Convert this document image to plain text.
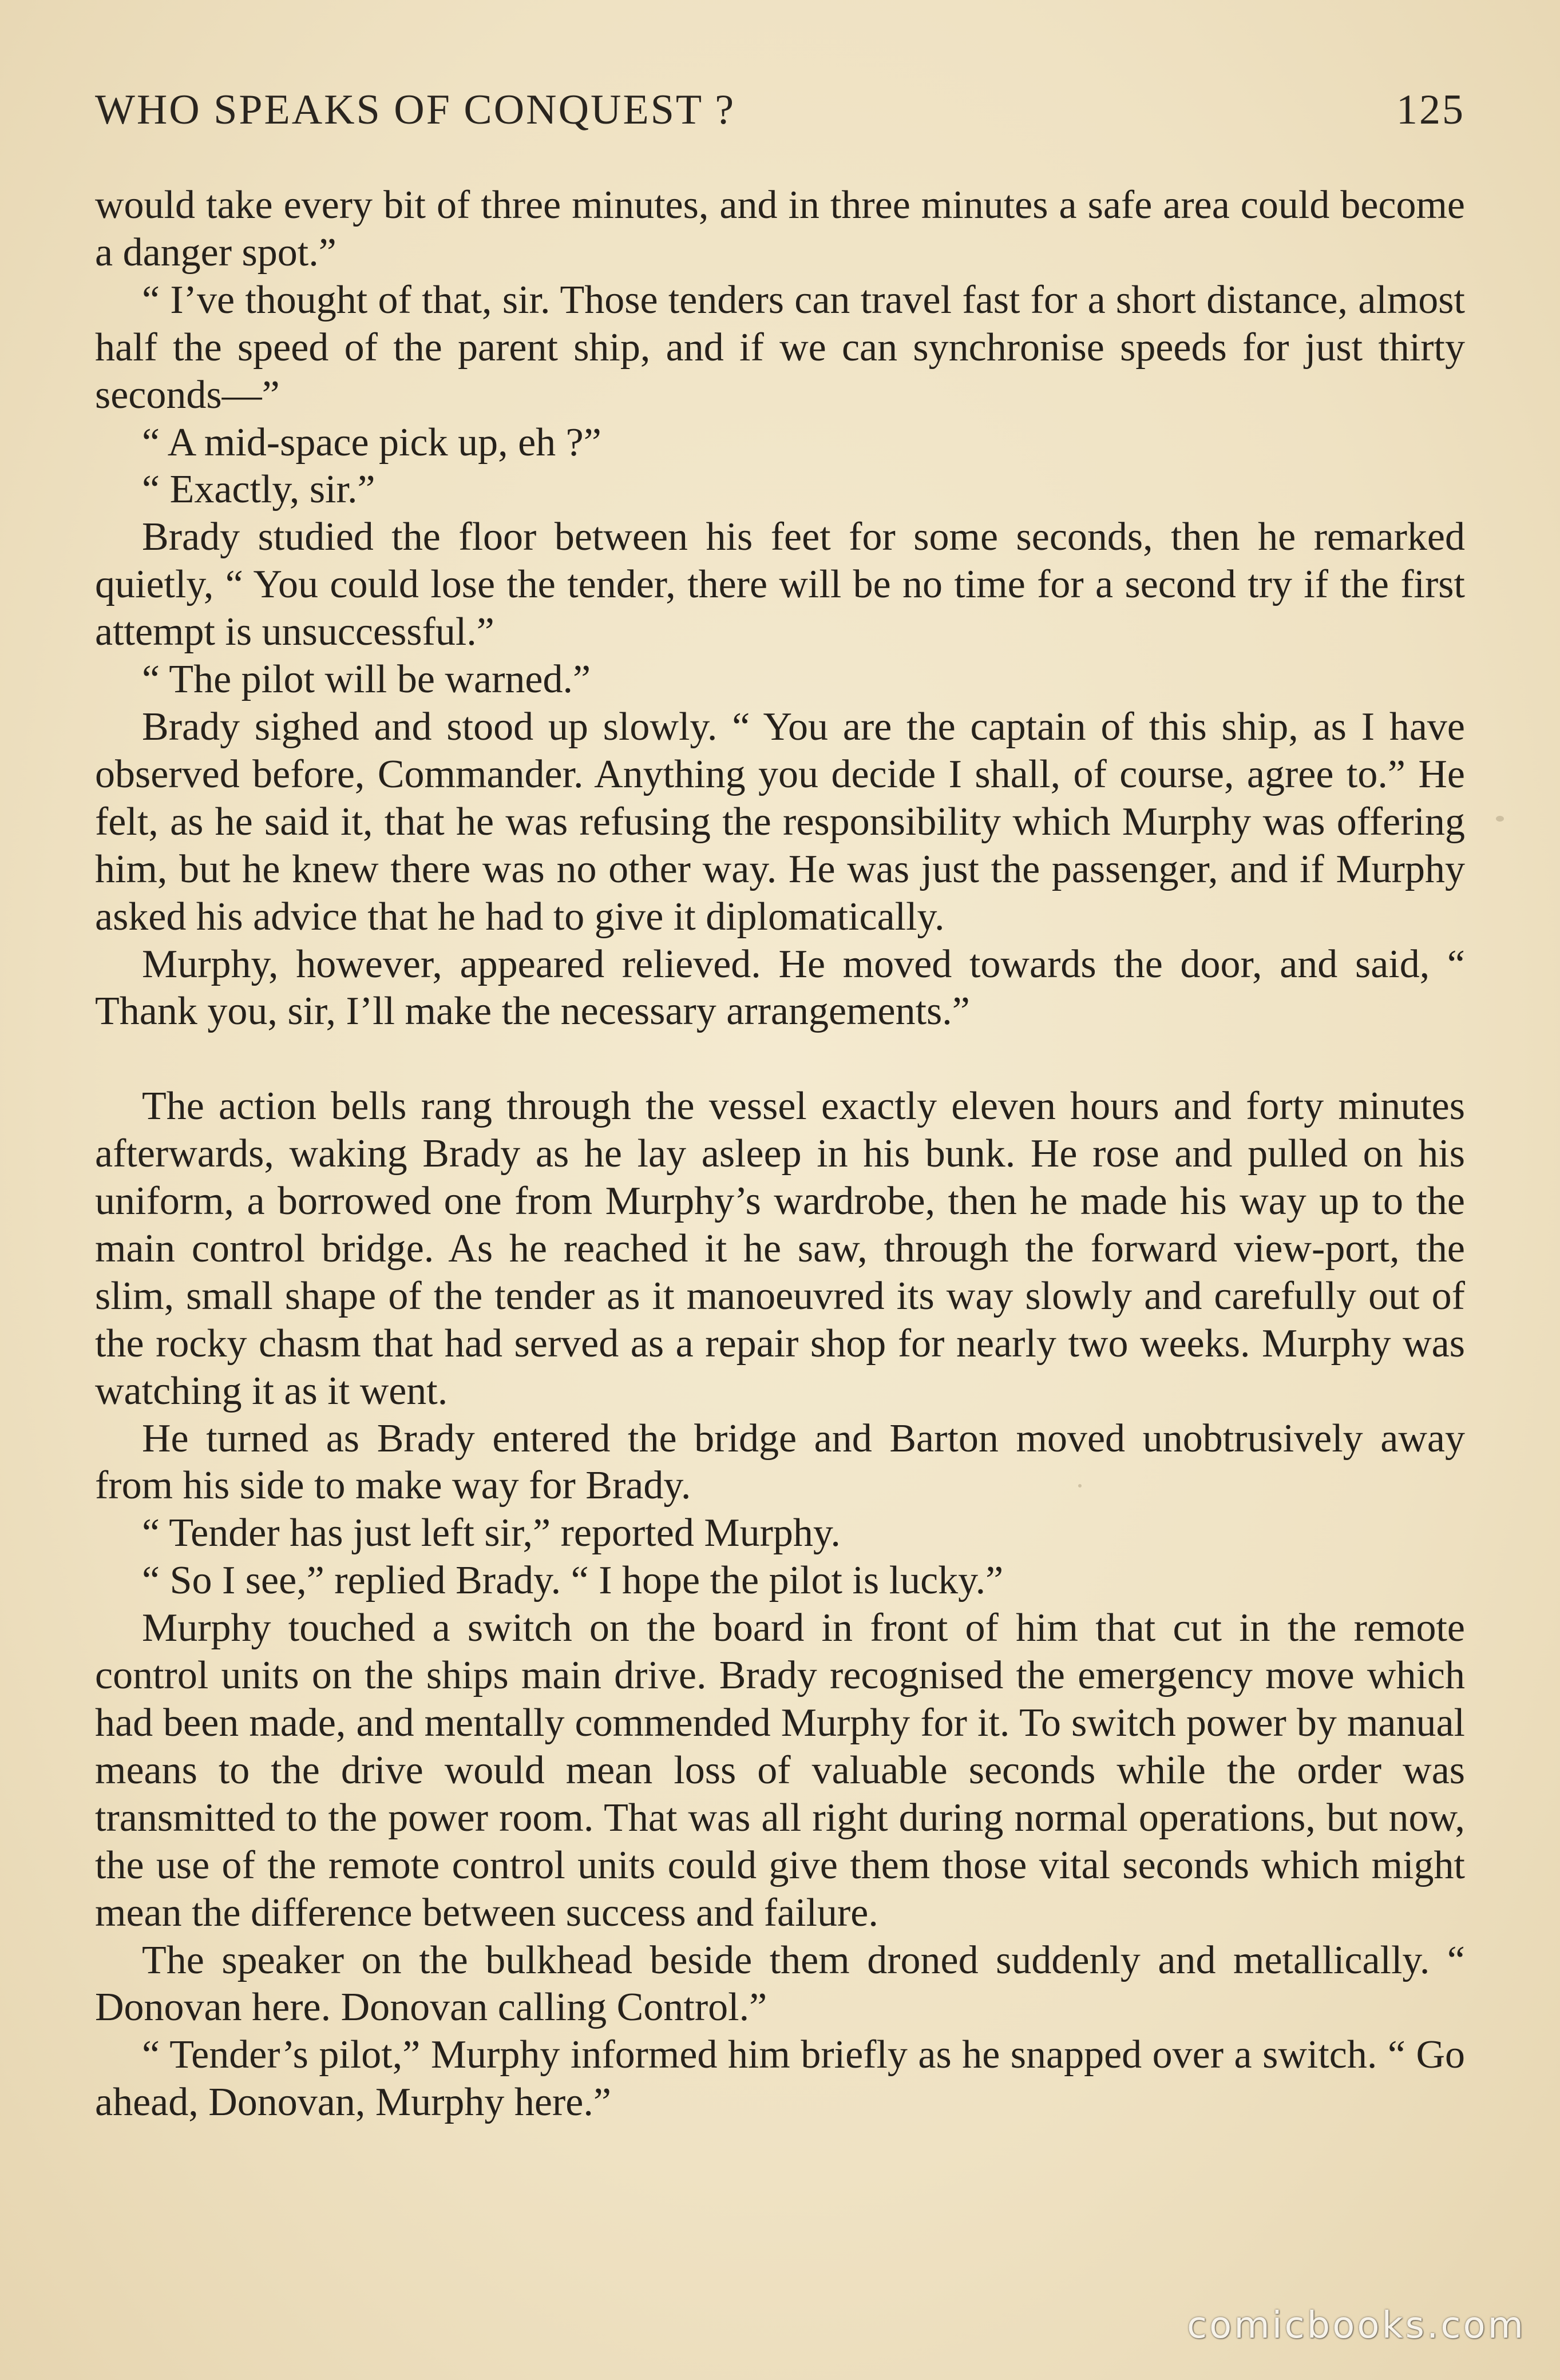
WHO SPEAKS OF CONQUEST ?	125

would take every bit of three minutes, and in three minutes a safe area could become a danger spot.”

“ I’ve thought of that, sir. Those tenders can travel fast for a short distance, almost half the speed of the parent ship, and if we can synchronise speeds for just thirty seconds—”

“ A mid-space pick up, eh ?”

“ Exactly, sir.”

Brady studied the floor between his feet for some seconds, then he remarked quietly, “ You could lose the tender, there will be no time for a second try if the first attempt is unsuccessful.”

“ The pilot will be warned.”

Brady sighed and stood up slowly. “ You are the captain of this ship, as I have observed before, Commander. Anything you decide I shall, of course, agree to.” He felt, as he said it, that he was refusing the responsibility which Murphy was offering him, but he knew there was no other way. He was just the passenger, and if Murphy asked his advice that he had to give it diplomatically.

Murphy, however, appeared relieved. He moved towards the door, and said, “ Thank you, sir, I’ll make the necessary arrangements.”

The action bells rang through the vessel exactly eleven hours and forty minutes afterwards, waking Brady as he lay asleep in his bunk. He rose and pulled on his uniform, a borrowed one from Murphy’s wardrobe, then he made his way up to the main control bridge. As he reached it he saw, through the forward view-port, the slim, small shape of the tender as it manoeuvred its way slowly and carefully out of the rocky chasm that had served as a repair shop for nearly two weeks. Murphy was watching it as it went.

He turned as Brady entered the bridge and Barton moved unobtrusively away from his side to make way for Brady.

“ Tender has just left sir,” reported Murphy.

“ So I see,” replied Brady. “ I hope the pilot is lucky.”

Murphy touched a switch on the board in front of him that cut in the remote control units on the ships main drive. Brady recognised the emergency move which had been made, and mentally commended Murphy for it. To switch power by manual means to the drive would mean loss of valuable seconds while the order was transmitted to the power room. That was all right during normal operations, but now, the use of the remote control units could give them those vital seconds which might mean the difference between success and failure.

The speaker on the bulkhead beside them droned suddenly and metallically. “ Donovan here. Donovan calling Control.”

“ Tender’s pilot,” Murphy informed him briefly as he snapped over a switch. “ Go ahead, Donovan, Murphy here.”

comicbooks.com
